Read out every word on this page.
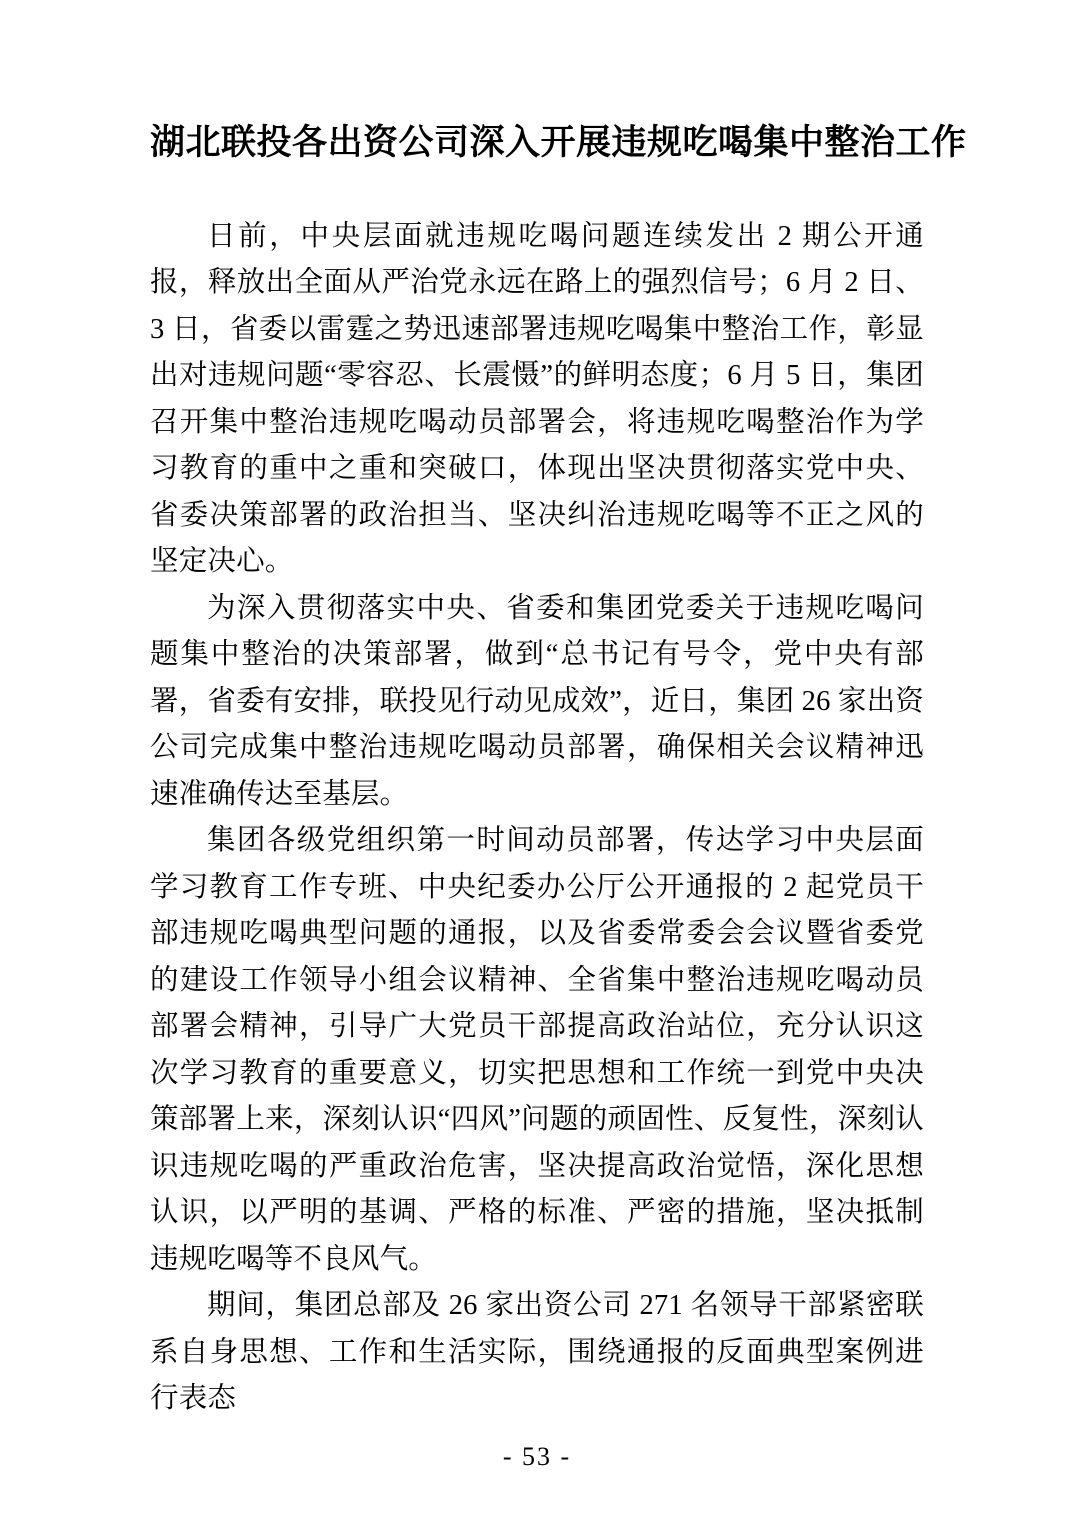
湖北联投各出资公司深入开展违规吃喝集中整治工作

日前，中央层面就违规吃喝问题连续发出 2 期公开通报，释放出全面从严治党永远在路上的强烈信号；6 月 2 日、3 日，省委以雷霆之势迅速部署违规吃喝集中整治工作，彰显出对违规问题“零容忍、长震慑”的鲜明态度；6 月 5 日，集团召开集中整治违规吃喝动员部署会，将违规吃喝整治作为学习教育的重中之重和突破口，体现出坚决贯彻落实党中央、省委决策部署的政治担当、坚决纠治违规吃喝等不正之风的坚定决心。

为深入贯彻落实中央、省委和集团党委关于违规吃喝问题集中整治的决策部署，做到“总书记有号令，党中央有部署，省委有安排，联投见行动见成效”，近日，集团 26 家出资公司完成集中整治违规吃喝动员部署，确保相关会议精神迅速准确传达至基层。

集团各级党组织第一时间动员部署，传达学习中央层面学习教育工作专班、中央纪委办公厅公开通报的 2 起党员干部违规吃喝典型问题的通报，以及省委常委会会议暨省委党的建设工作领导小组会议精神、全省集中整治违规吃喝动员部署会精神，引导广大党员干部提高政治站位，充分认识这次学习教育的重要意义，切实把思想和工作统一到党中央决策部署上来，深刻认识“四风”问题的顽固性、反复性，深刻认识违规吃喝的严重政治危害，坚决提高政治觉悟，深化思想认识，以严明的基调、严格的标准、严密的措施，坚决抵制违规吃喝等不良风气。

期间，集团总部及 26 家出资公司 271 名领导干部紧密联系自身思想、工作和生活实际，围绕通报的反面典型案例进行表态

- 53 -
